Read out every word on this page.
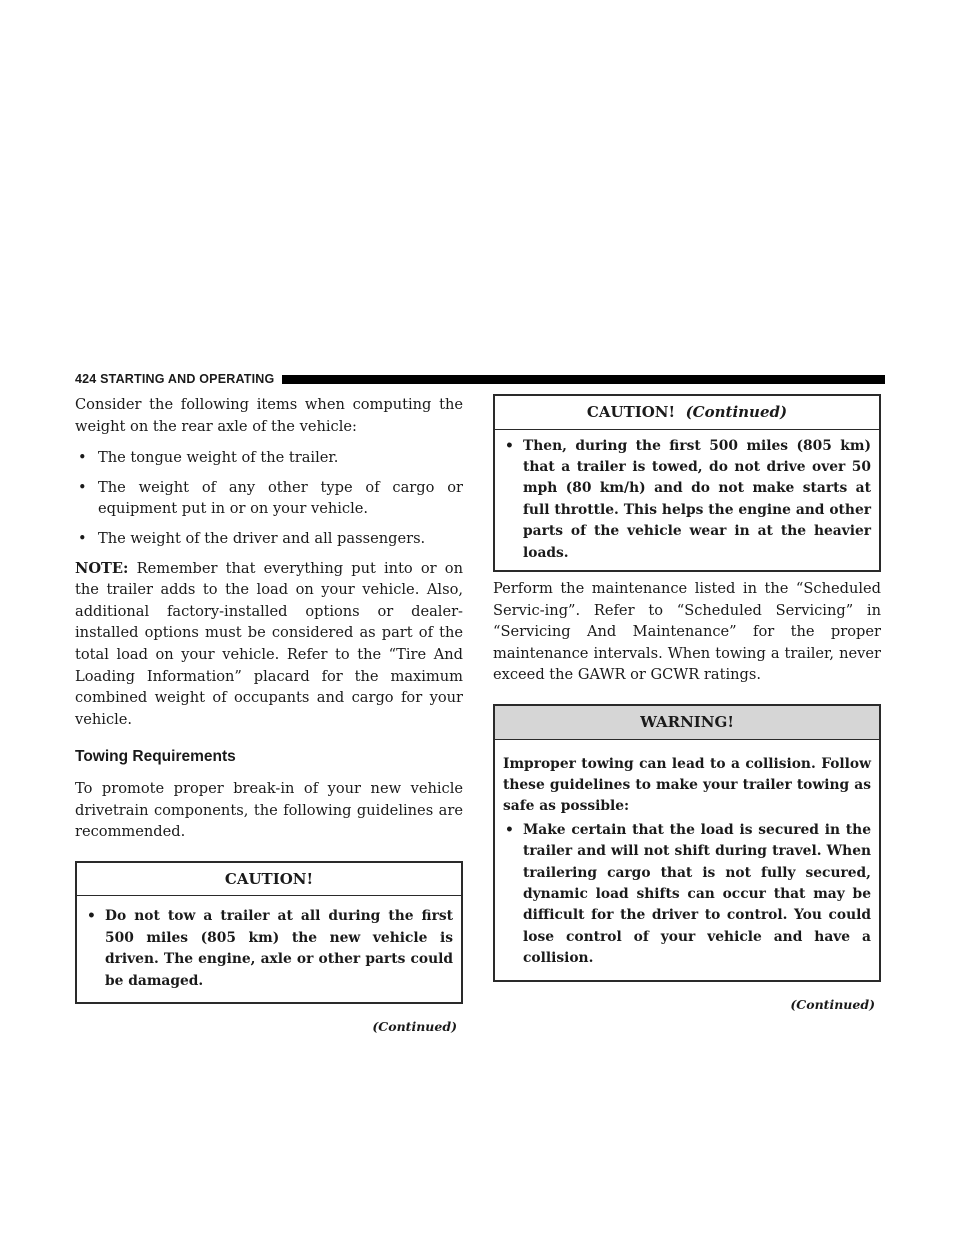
424 STARTING AND OPERATING

Consider the following items when computing the weight on the rear axle of the vehicle:

• The tongue weight of the trailer.
• The weight of any other type of cargo or equipment put in or on your vehicle.
• The weight of the driver and all passengers.

NOTE: Remember that everything put into or on the trailer adds to the load on your vehicle. Also, additional factory-installed options or dealer-installed options must be considered as part of the total load on your vehicle. Refer to the “Tire And Loading Information” placard for the maximum combined weight of occupants and cargo for your vehicle.

Towing Requirements

To promote proper break-in of your new vehicle drivetrain components, the following guidelines are recommended.

CAUTION!
• Do not tow a trailer at all during the first 500 miles (805 km) the new vehicle is driven. The engine, axle or other parts could be damaged.
(Continued)
CAUTION! (Continued)
• Then, during the first 500 miles (805 km) that a trailer is towed, do not drive over 50 mph (80 km/h) and do not make starts at full throttle. This helps the engine and other parts of the vehicle wear in at the heavier loads.

Perform the maintenance listed in the “Scheduled Servic-ing”. Refer to “Scheduled Servicing” in “Servicing And Maintenance” for the proper maintenance intervals. When towing a trailer, never exceed the GAWR or GCWR ratings.

WARNING!

Improper towing can lead to a collision. Follow these guidelines to make your trailer towing as safe as possible:

• Make certain that the load is secured in the trailer and will not shift during travel. When trailering cargo that is not fully secured, dynamic load shifts can occur that may be difficult for the driver to control. You could lose control of your vehicle and have a collision.
(Continued)
